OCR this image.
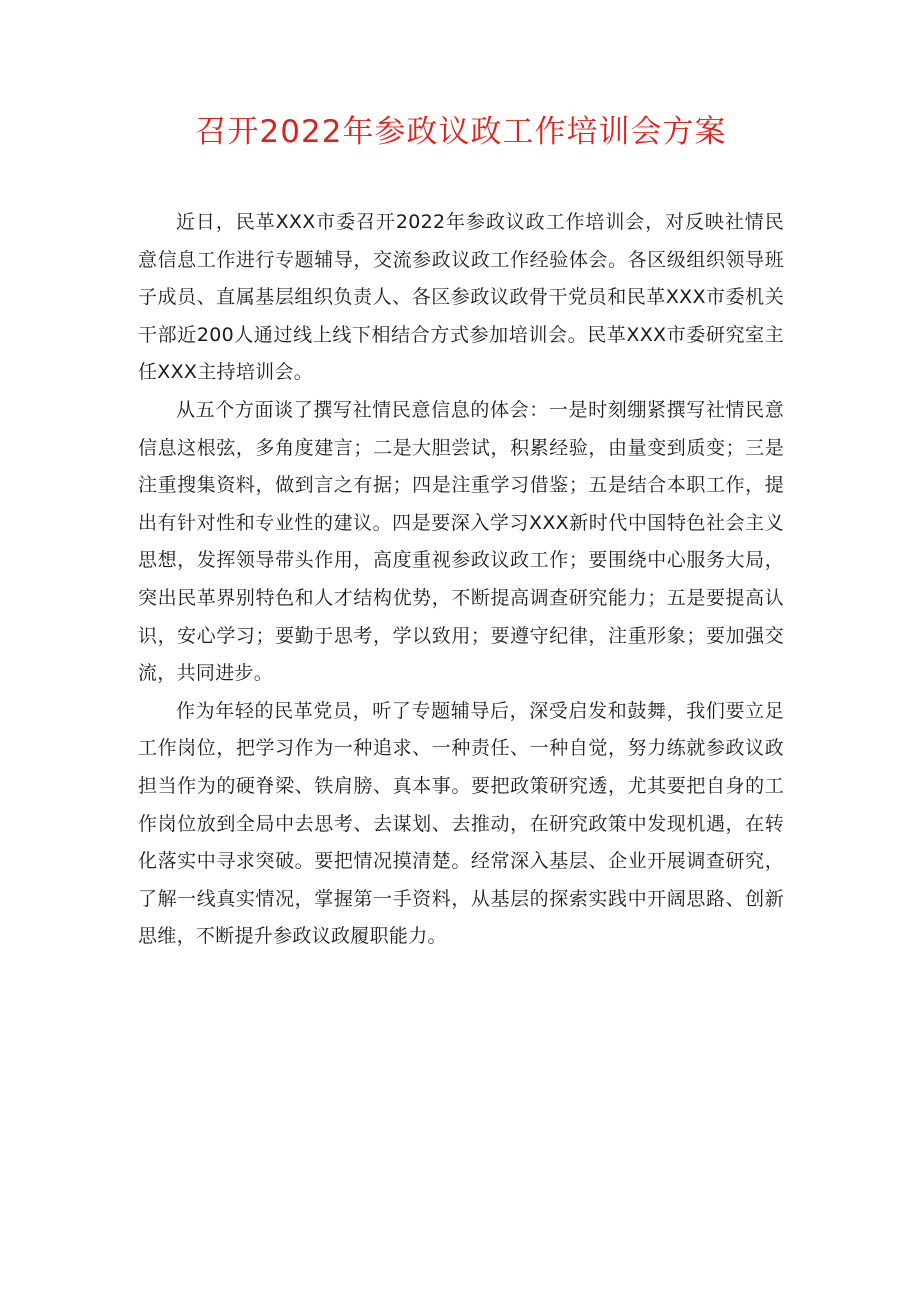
召开2022年参政议政工作培训会方案

近日，民革XXX市委召开2022年参政议政工作培训会，对反映社情民意信息工作进行专题辅导，交流参政议政工作经验体会。各区级组织领导班子成员、直属基层组织负责人、各区参政议政骨干党员和民革XXX市委机关干部近200人通过线上线下相结合方式参加培训会。民革XXX市委研究室主任XXX主持培训会。

从五个方面谈了撰写社情民意信息的体会：一是时刻绷紧撰写社情民意信息这根弦，多角度建言；二是大胆尝试，积累经验，由量变到质变；三是注重搜集资料，做到言之有据；四是注重学习借鉴；五是结合本职工作，提出有针对性和专业性的建议。四是要深入学习XXX新时代中国特色社会主义思想，发挥领导带头作用，高度重视参政议政工作；要围绕中心服务大局，突出民革界别特色和人才结构优势，不断提高调查研究能力；五是要提高认识，安心学习；要勤于思考，学以致用；要遵守纪律，注重形象；要加强交流，共同进步。

作为年轻的民革党员，听了专题辅导后，深受启发和鼓舞，我们要立足工作岗位，把学习作为一种追求、一种责任、一种自觉，努力练就参政议政担当作为的硬脊梁、铁肩膀、真本事。要把政策研究透，尤其要把自身的工作岗位放到全局中去思考、去谋划、去推动，在研究政策中发现机遇，在转化落实中寻求突破。要把情况摸清楚。经常深入基层、企业开展调查研究，了解一线真实情况，掌握第一手资料，从基层的探索实践中开阔思路、创新思维，不断提升参政议政履职能力。
